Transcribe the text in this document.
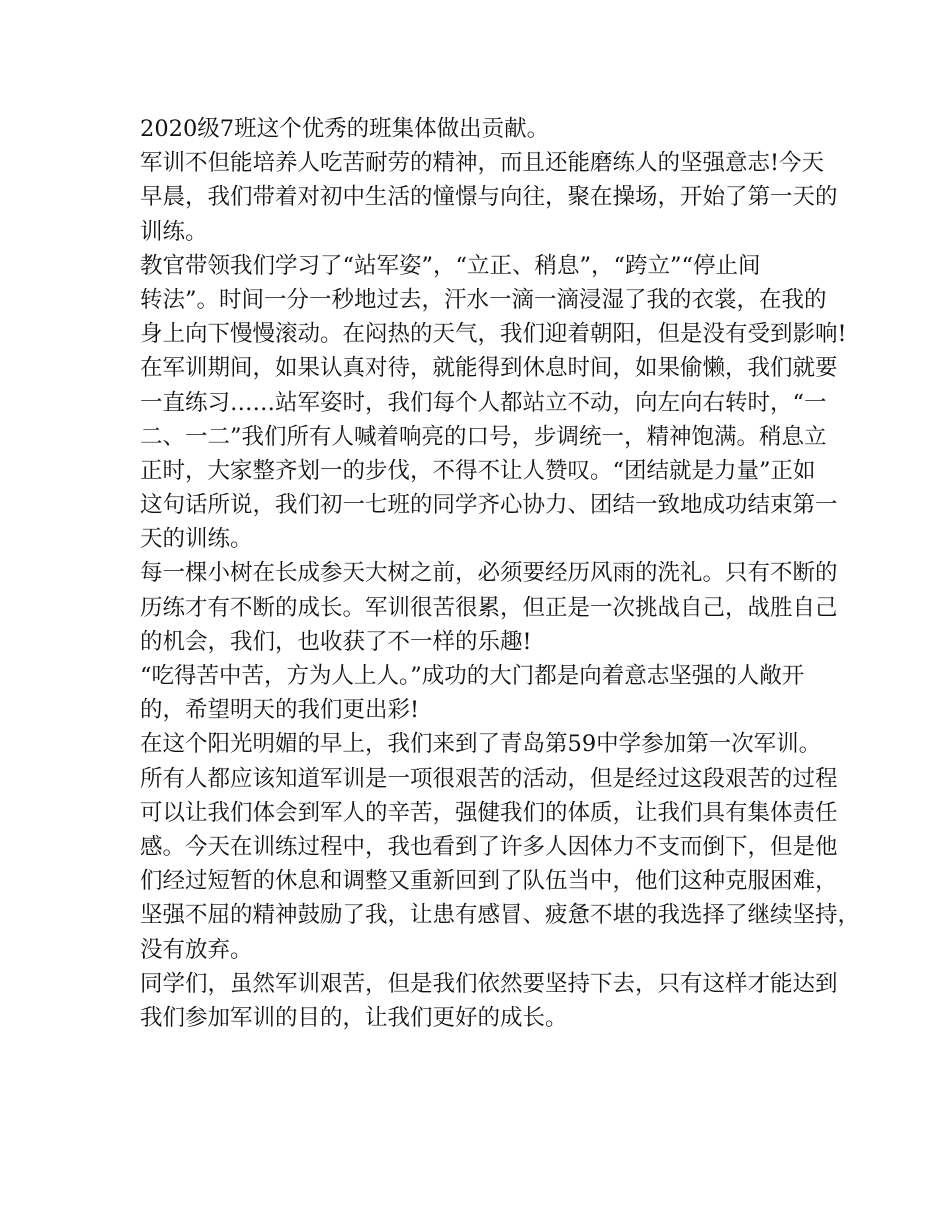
2020级7班这个优秀的班集体做出贡献。
军训不但能培养人吃苦耐劳的精神，而且还能磨练人的坚强意志!今天
早晨，我们带着对初中生活的憧憬与向往，聚在操场，开始了第一天的
训练。
教官带领我们学习了“站军姿”，“立正、稍息”，“跨立”“停止间
转法”。时间一分一秒地过去，汗水一滴一滴浸湿了我的衣裳，在我的
身上向下慢慢滚动。在闷热的天气，我们迎着朝阳，但是没有受到影响!
在军训期间，如果认真对待，就能得到休息时间，如果偷懒，我们就要
一直练习……站军姿时，我们每个人都站立不动，向左向右转时，“一
二、一二”我们所有人喊着响亮的口号，步调统一，精神饱满。稍息立
正时，大家整齐划一的步伐，不得不让人赞叹。“团结就是力量”正如
这句话所说，我们初一七班的同学齐心协力、团结一致地成功结束第一
天的训练。
每一棵小树在长成参天大树之前，必须要经历风雨的洗礼。只有不断的
历练才有不断的成长。军训很苦很累，但正是一次挑战自己，战胜自己
的机会，我们，也收获了不一样的乐趣!
“吃得苦中苦，方为人上人。”成功的大门都是向着意志坚强的人敞开
的，希望明天的我们更出彩!
在这个阳光明媚的早上，我们来到了青岛第59中学参加第一次军训。
所有人都应该知道军训是一项很艰苦的活动，但是经过这段艰苦的过程
可以让我们体会到军人的辛苦，强健我们的体质，让我们具有集体责任
感。今天在训练过程中，我也看到了许多人因体力不支而倒下，但是他
们经过短暂的休息和调整又重新回到了队伍当中，他们这种克服困难，
坚强不屈的精神鼓励了我，让患有感冒、疲惫不堪的我选择了继续坚持，
没有放弃。
同学们，虽然军训艰苦，但是我们依然要坚持下去，只有这样才能达到
我们参加军训的目的，让我们更好的成长。
